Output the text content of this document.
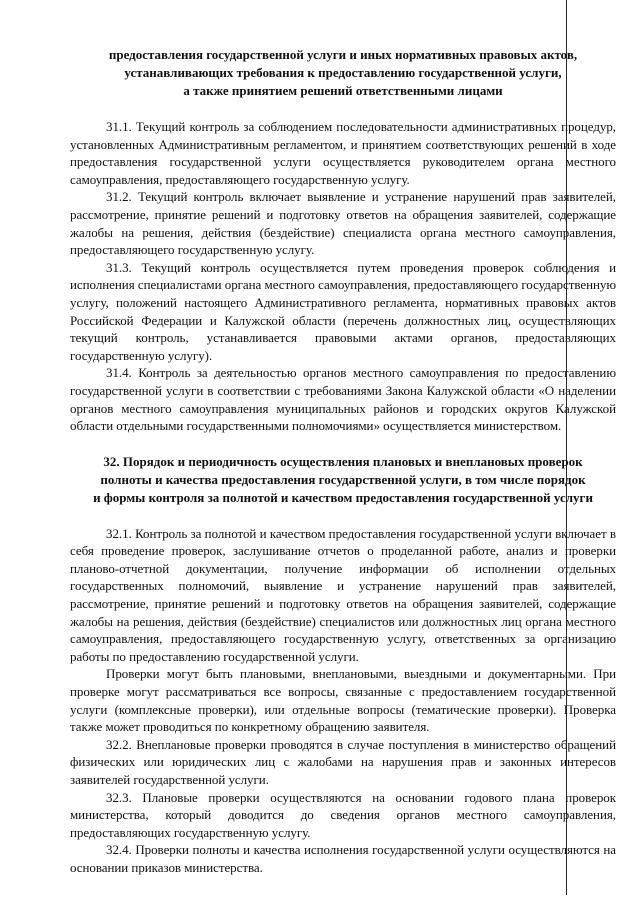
предоставления государственной услуги и иных нормативных правовых актов,
устанавливающих требования к предоставлению государственной услуги,
а также принятием решений ответственными лицами

31.1. Текущий контроль за соблюдением последовательности административных процедур, установленных Административным регламентом, и принятием соответствующих решений в ходе предоставления государственной услуги осуществляется руководителем органа местного самоуправления, предоставляющего государственную услугу.

31.2. Текущий контроль включает выявление и устранение нарушений прав заявителей, рассмотрение, принятие решений и подготовку ответов на обращения заявителей, содержащие жалобы на решения, действия (бездействие) специалиста органа местного самоуправления, предоставляющего государственную услугу.

31.3. Текущий контроль осуществляется путем проведения проверок соблюдения и исполнения специалистами органа местного самоуправления, предоставляющего государственную услугу, положений настоящего Административного регламента, нормативных правовых актов Российской Федерации и Калужской области (перечень должностных лиц, осуществляющих текущий контроль, устанавливается правовыми актами органов, предоставляющих государственную услугу).

31.4. Контроль за деятельностью органов местного самоуправления по предоставлению государственной услуги в соответствии с требованиями Закона Калужской области «О наделении органов местного самоуправления муниципальных районов и городских округов Калужской области отдельными государственными полномочиями» осуществляется министерством.

32. Порядок и периодичность осуществления плановых и внеплановых проверок
полноты и качества предоставления государственной услуги, в том числе порядок
и формы контроля за полнотой и качеством предоставления государственной услуги

32.1. Контроль за полнотой и качеством предоставления государственной услуги включает в себя проведение проверок, заслушивание отчетов о проделанной работе, анализ и проверки планово-отчетной документации, получение информации об исполнении отдельных государственных полномочий, выявление и устранение нарушений прав заявителей, рассмотрение, принятие решений и подготовку ответов на обращения заявителей, содержащие жалобы на решения, действия (бездействие) специалистов или должностных лиц органа местного самоуправления, предоставляющего государственную услугу, ответственных за организацию работы по предоставлению государственной услуги.

Проверки могут быть плановыми, внеплановыми, выездными и документарными. При проверке могут рассматриваться все вопросы, связанные с предоставлением государственной услуги (комплексные проверки), или отдельные вопросы (тематические проверки). Проверка также может проводиться по конкретному обращению заявителя.

32.2. Внеплановые проверки проводятся в случае поступления в министерство обращений физических или юридических лиц с жалобами на нарушения прав и законных интересов заявителей государственной услуги.

32.3. Плановые проверки осуществляются на основании годового плана проверок министерства, который доводится до сведения органов местного самоуправления, предоставляющих государственную услугу.

32.4. Проверки полноты и качества исполнения государственной услуги осуществляются на основании приказов министерства.
